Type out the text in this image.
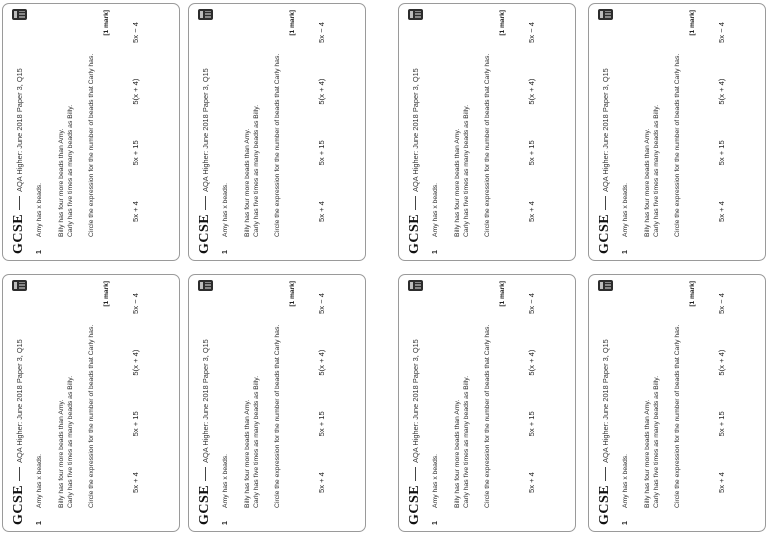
GCSE
AQA Higher: June 2018 Paper 3, Q15
1
Amy has x beads. Billy has four more beads than Amy. Carly has five times as many beads as Billy. Circle the expression for the number of beads that Carly has.
[1 mark]
5x + 4
5x + 15
5(x + 4)
5x − 4
GCSE
AQA Higher: June 2018 Paper 3, Q15
1
Amy has x beads. Billy has four more beads than Amy. Carly has five times as many beads as Billy. Circle the expression for the number of beads that Carly has.
[1 mark]
5x + 4
5x + 15
5(x + 4)
5x − 4
GCSE
AQA Higher: June 2018 Paper 3, Q15
1
Amy has x beads. Billy has four more beads than Amy. Carly has five times as many beads as Billy. Circle the expression for the number of beads that Carly has.
[1 mark]
5x + 4
5x + 15
5(x + 4)
5x − 4
GCSE
AQA Higher: June 2018 Paper 3, Q15
1
Amy has x beads. Billy has four more beads than Amy. Carly has five times as many beads as Billy. Circle the expression for the number of beads that Carly has.
[1 mark]
5x + 4
5x + 15
5(x + 4)
5x − 4
GCSE
AQA Higher: June 2018 Paper 3, Q15
1
Amy has x beads. Billy has four more beads than Amy. Carly has five times as many beads as Billy. Circle the expression for the number of beads that Carly has.
[1 mark]
5x + 4
5x + 15
5(x + 4)
5x − 4
GCSE
AQA Higher: June 2018 Paper 3, Q15
1
Amy has x beads. Billy has four more beads than Amy. Carly has five times as many beads as Billy. Circle the expression for the number of beads that Carly has.
[1 mark]
5x + 4
5x + 15
5(x + 4)
5x − 4
GCSE
AQA Higher: June 2018 Paper 3, Q15
1
Amy has x beads. Billy has four more beads than Amy. Carly has five times as many beads as Billy. Circle the expression for the number of beads that Carly has.
[1 mark]
5x + 4
5x + 15
5(x + 4)
5x − 4
GCSE
AQA Higher: June 2018 Paper 3, Q15
1
Amy has x beads. Billy has four more beads than Amy. Carly has five times as many beads as Billy. Circle the expression for the number of beads that Carly has.
[1 mark]
5x + 4
5x + 15
5(x + 4)
5x − 4
